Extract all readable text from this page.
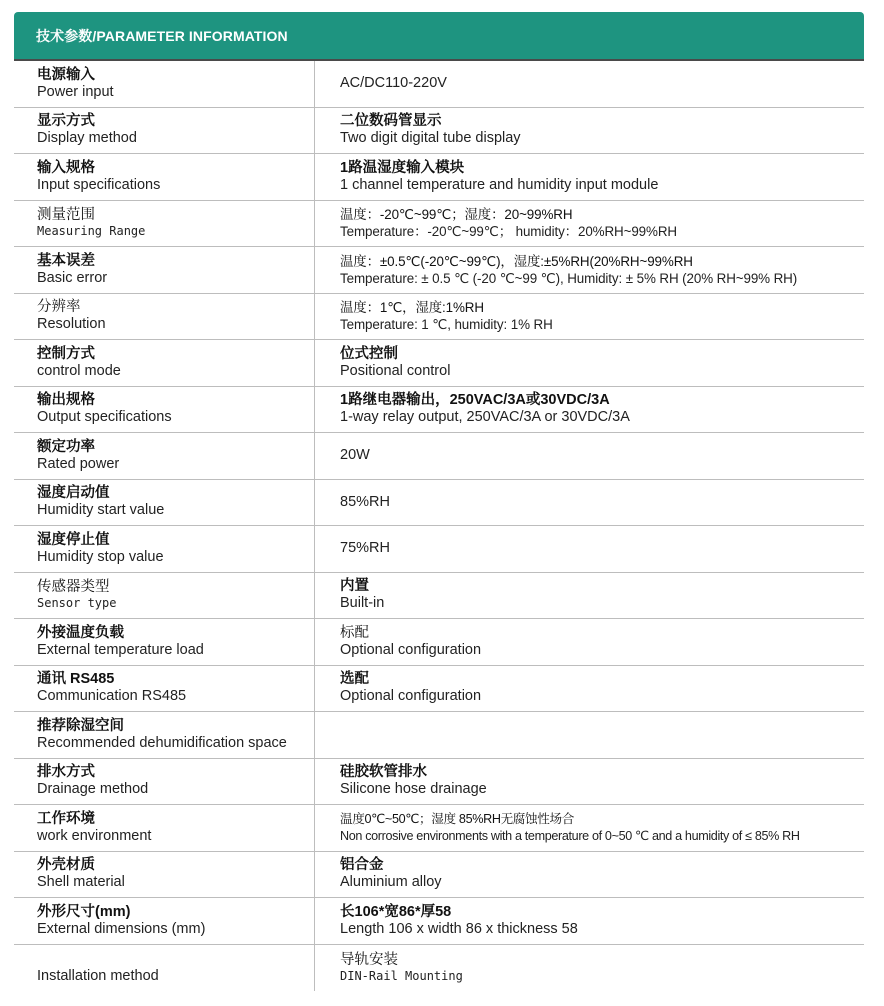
技术参数/PARAMETER INFORMATION
电源输入
Power input
AC/DC110-220V
显示方式
Display method
二位数码管显示
Two digit digital tube display
输入规格
Input specifications
1路温湿度输入模块
1 channel temperature and humidity input module
测量范围
Measuring Range
温度：-20℃~99℃；湿度：20~99%RH
Temperature：-20℃~99℃； humidity：20%RH~99%RH
基本误差
Basic error
温度：±0.5℃(-20℃~99℃)，湿度:±5%RH(20%RH~99%RH
Temperature: ± 0.5 ℃ (-20 ℃~99 ℃), Humidity: ± 5% RH (20% RH~99% RH)
分辨率
Resolution
温度：1℃，湿度:1%RH
Temperature: 1 ℃, humidity: 1% RH
控制方式
control mode
位式控制
Positional control
输出规格
Output specifications
1路继电器输出，250VAC/3A或30VDC/3A
1-way relay output, 250VAC/3A or 30VDC/3A
额定功率
Rated power
20W
湿度启动值
Humidity start value
85%RH
湿度停止值
Humidity stop value
75%RH
传感器类型
Sensor type
内置
Built-in
外接温度负载
External temperature load
标配
Optional configuration
通讯 RS485
Communication RS485
选配
Optional configuration
推荐除湿空间
Recommended dehumidification space
排水方式
Drainage method
硅胶软管排水
Silicone hose drainage
工作环境
work environment
温度0℃~50℃；湿度 85%RH无腐蚀性场合
Non corrosive environments with a temperature of 0~50 ℃ and a humidity of ≤ 85% RH
外壳材质
Shell material
铝合金
Aluminium alloy
外形尺寸(mm)
External dimensions (mm)
长106*宽86*厚58
Length 106 x width 86 x thickness 58
Installation method
导轨安装
DIN-Rail Mounting
